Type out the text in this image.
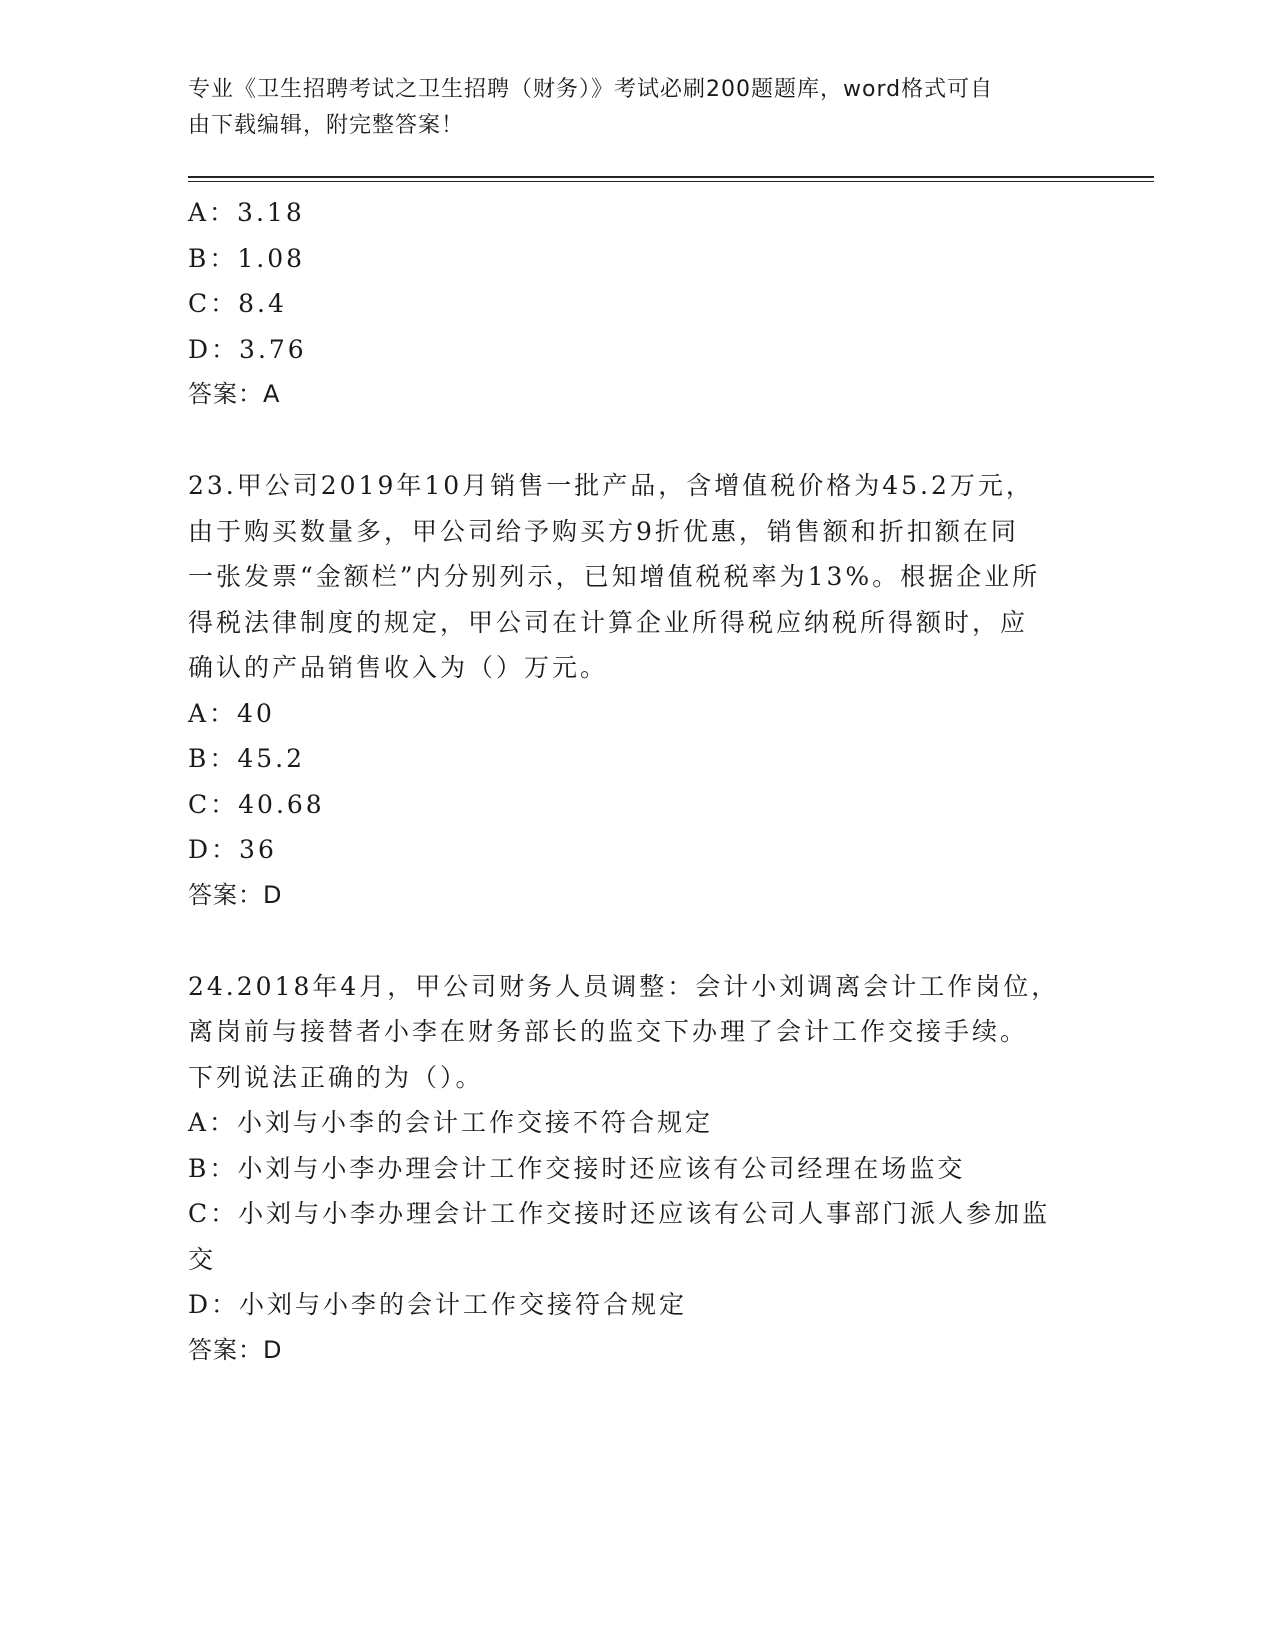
专业《卫生招聘考试之卫生招聘（财务）》考试必刷200题题库，word格式可自
由下载编辑，附完整答案！

A：3.18

B：1.08

C：8.4

D：3.76

答案：A

23.甲公司2019年10月销售一批产品，含增值税价格为45.2万元，

由于购买数量多，甲公司给予购买方9折优惠，销售额和折扣额在同

一张发票“金额栏”内分别列示，已知增值税税率为13%。根据企业所

得税法律制度的规定，甲公司在计算企业所得税应纳税所得额时，应

确认的产品销售收入为（）万元。

A：40

B：45.2

C：40.68

D：36

答案：D

24.2018年4月，甲公司财务人员调整：会计小刘调离会计工作岗位，

离岗前与接替者小李在财务部长的监交下办理了会计工作交接手续。

下列说法正确的为（）。

A：小刘与小李的会计工作交接不符合规定

B：小刘与小李办理会计工作交接时还应该有公司经理在场监交

C：小刘与小李办理会计工作交接时还应该有公司人事部门派人参加监

交

D：小刘与小李的会计工作交接符合规定

答案：D
